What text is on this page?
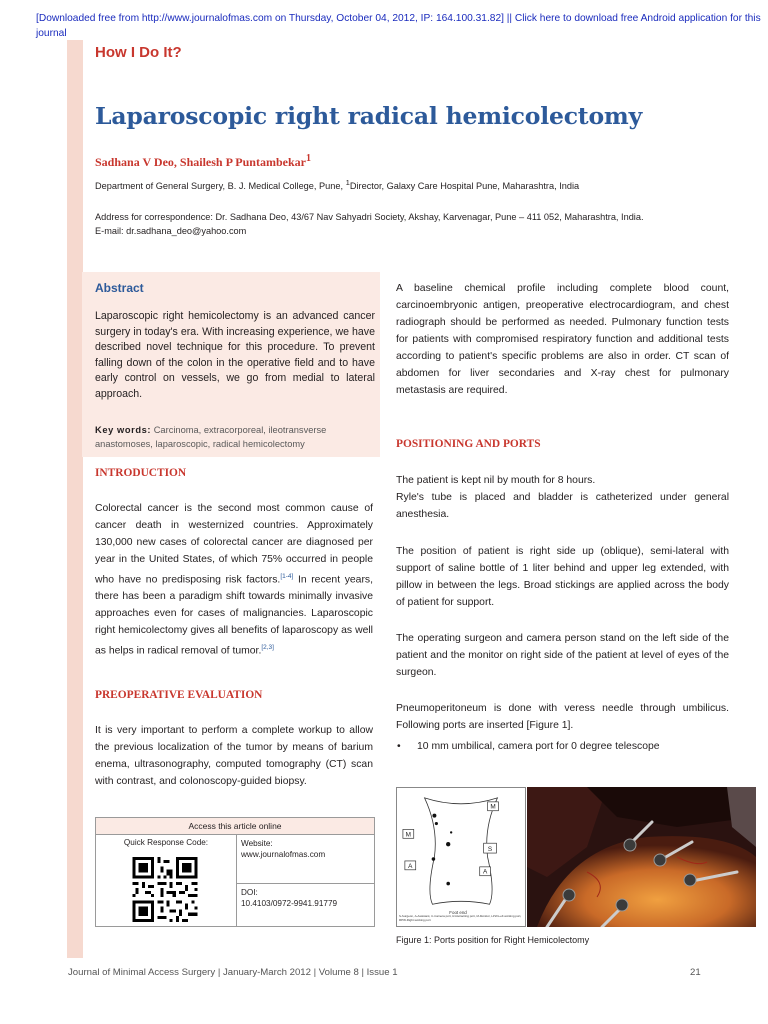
[Downloaded free from http://www.journalofmas.com on Thursday, October 04, 2012, IP: 164.100.31.82] || Click here to download free Android application for this
journal
How I Do It?
Laparoscopic right radical hemicolectomy
Sadhana V Deo, Shailesh P Puntambekar$^1$
Department of General Surgery, B. J. Medical College, Pune, $^1$Director, Galaxy Care Hospital Pune, Maharashtra, India
Address for correspondence: Dr. Sadhana Deo, 43/67 Nav Sahyadri Society, Akshay, Karvenagar, Pune – 411 052, Maharashtra, India.
E-mail: dr.sadhana_deo@yahoo.com
Abstract

Laparoscopic right hemicolectomy is an advanced cancer surgery in today's era. With increasing experience, we have described novel technique for this procedure. To prevent falling down of the colon in the operative field and to have early control on vessels, we go from medial to lateral approach.

Key words: Carcinoma, extracorporeal, ileotransverse anastomoses, laparoscopic, radical hemicolectomy
INTRODUCTION

Colorectal cancer is the second most common cause of cancer death in westernized countries. Approximately 130,000 new cases of colorectal cancer are diagnosed per year in the United States, of which 75% occurred in people who have no predisposing risk factors.[1-4] In recent years, there has been a paradigm shift towards minimally invasive approaches even for cases of malignancies. Laparoscopic right hemicolectomy gives all benefits of laparoscopy as well as helps in radical removal of tumor.[2,3]

PREOPERATIVE EVALUATION

It is very important to perform a complete workup to allow the previous localization of the tumor by means of barium enema, ultrasonography, computed tomography (CT) scan with contrast, and colonoscopy-guided biopsy.

Access this article online
Quick Response Code:	Website:
www.journalofmas.com
DOI:
10.4103/0972-9941.91779

A baseline chemical profile including complete blood count, carcinoembryonic antigen, preoperative electrocardiogram, and chest radiograph should be performed as needed. Pulmonary function tests for patients with compromised respiratory function and additional tests according to patient's specific problems are also in order. CT scan of abdomen for liver secondaries and X-ray chest for pulmonary metastasis are required.

POSITIONING AND PORTS

The patient is kept nil by mouth for 8 hours.
Ryle's tube is placed and bladder is catheterized under general anesthesia.

The position of patient is right side up (oblique), semi-lateral with support of saline bottle of 1 liter behind and upper leg extended, with pillow in between the legs. Broad stickings are applied across the body of patient for support.

The operating surgeon and camera person stand on the left side of the patient and the monitor on right side of the patient at level of eyes of the surgeon.

Pneumoperitoneum is done with veress needle through umbilicus. Following ports are inserted [Figure 1].

• 10 mm umbilical, camera port for 0 degree telescope
M
M
S
A
A
Foot end
S-Surgeon, A-Assistant, C-Camera port, R-Retracting port, M-Monitor, LPW-Left working port, RPW-Right working port
Figure 1: Ports position for Right Hemicolectomy
Journal of Minimal Access Surgery | January-March 2012 | Volume 8 | Issue 1	21
